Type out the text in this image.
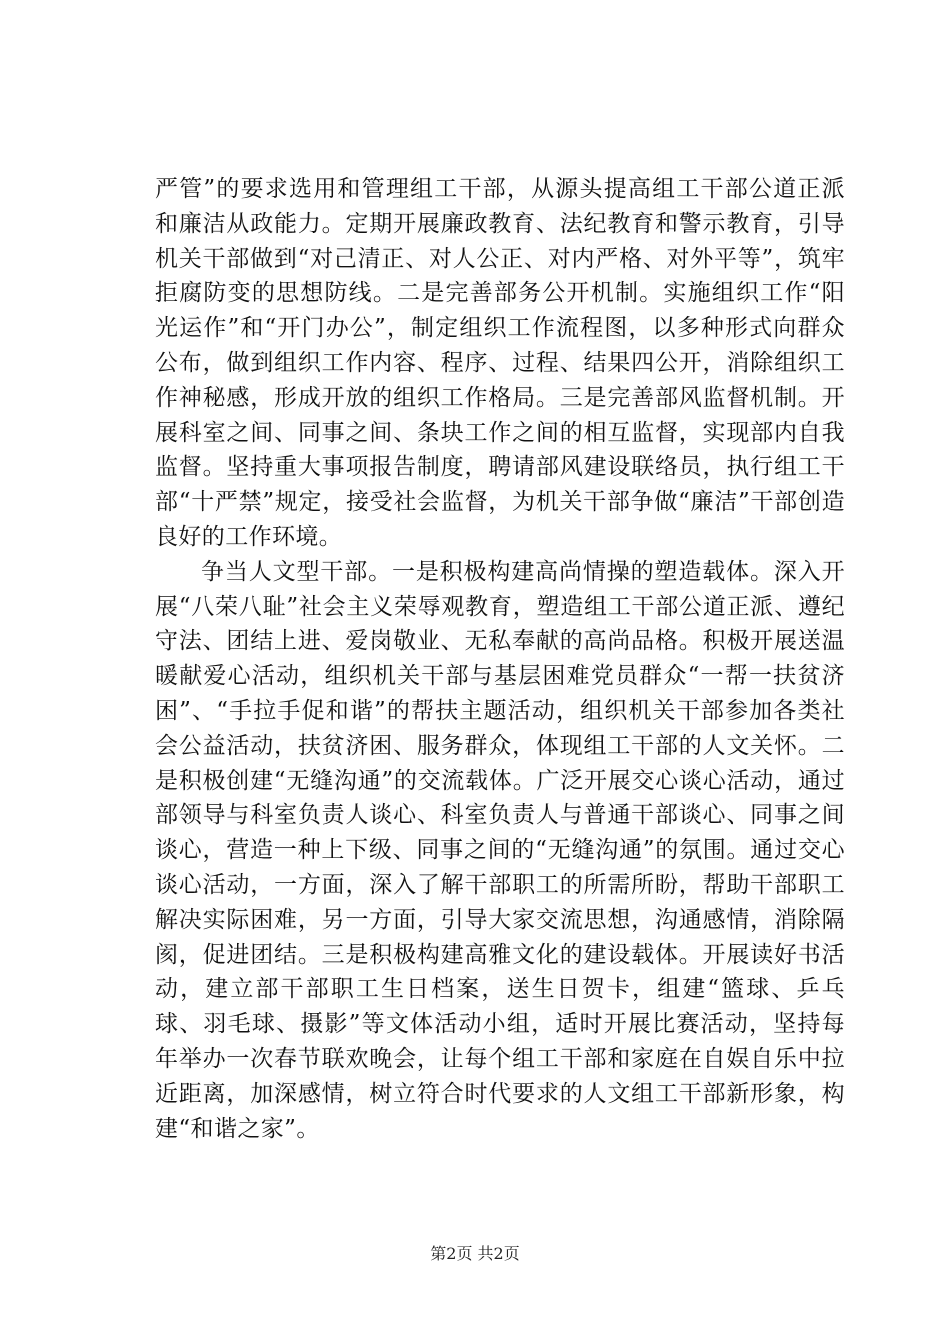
严管”的要求选用和管理组工干部，从源头提高组工干部公道正派和廉洁从政能力。定期开展廉政教育、法纪教育和警示教育，引导机关干部做到“对己清正、对人公正、对内严格、对外平等”，筑牢拒腐防变的思想防线。二是完善部务公开机制。实施组织工作“阳光运作”和“开门办公”，制定组织工作流程图，以多种形式向群众公布，做到组织工作内容、程序、过程、结果四公开，消除组织工作神秘感，形成开放的组织工作格局。三是完善部风监督机制。开展科室之间、同事之间、条块工作之间的相互监督，实现部内自我监督。坚持重大事项报告制度，聘请部风建设联络员，执行组工干部“十严禁”规定，接受社会监督，为机关干部争做“廉洁”干部创造良好的工作环境。

争当人文型干部。一是积极构建高尚情操的塑造载体。深入开展“八荣八耻”社会主义荣辱观教育，塑造组工干部公道正派、遵纪守法、团结上进、爱岗敬业、无私奉献的高尚品格。积极开展送温暖献爱心活动，组织机关干部与基层困难党员群众“一帮一扶贫济困”、“手拉手促和谐”的帮扶主题活动，组织机关干部参加各类社会公益活动，扶贫济困、服务群众，体现组工干部的人文关怀。二是积极创建“无缝沟通”的交流载体。广泛开展交心谈心活动，通过部领导与科室负责人谈心、科室负责人与普通干部谈心、同事之间谈心，营造一种上下级、同事之间的“无缝沟通”的氛围。通过交心谈心活动，一方面，深入了解干部职工的所需所盼，帮助干部职工解决实际困难，另一方面，引导大家交流思想，沟通感情，消除隔阂，促进团结。三是积极构建高雅文化的建设载体。开展读好书活动，建立部干部职工生日档案，送生日贺卡，组建“篮球、乒乓球、羽毛球、摄影”等文体活动小组，适时开展比赛活动，坚持每年举办一次春节联欢晚会，让每个组工干部和家庭在自娱自乐中拉近距离，加深感情，树立符合时代要求的人文组工干部新形象，构建“和谐之家”。

第2页 共2页
